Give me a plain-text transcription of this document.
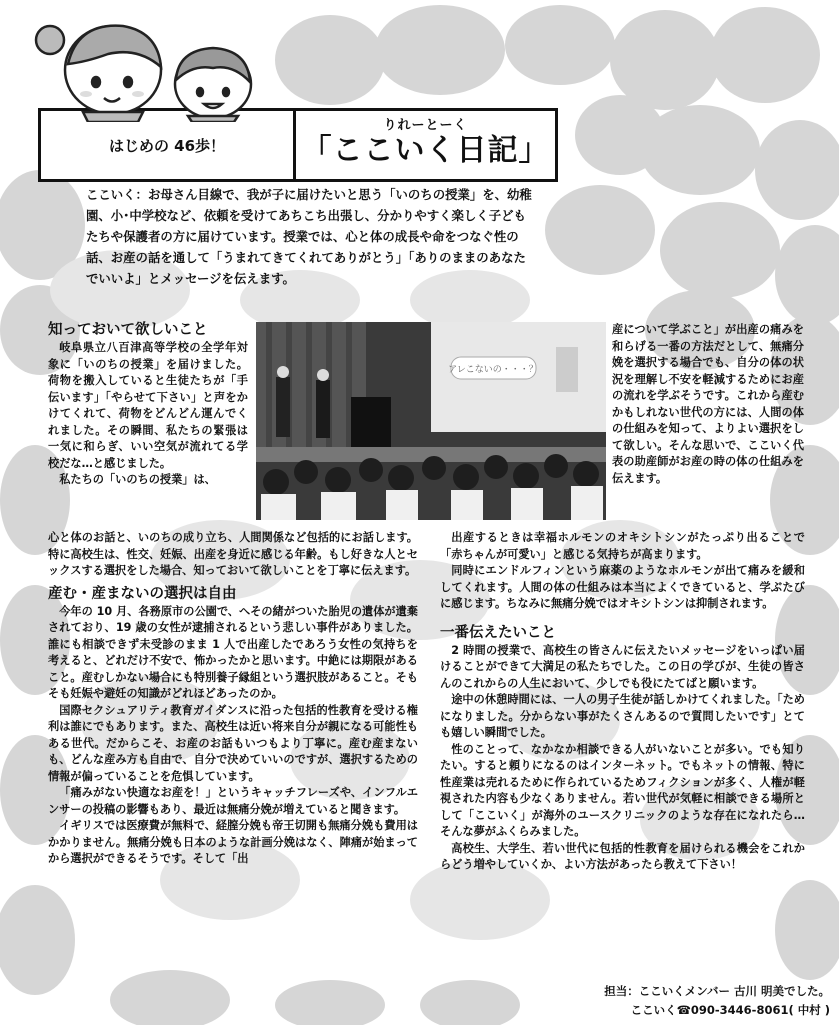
はじめの 46歩！
りれーとーく
「ここいく日記」
ここいく：お母さん目線で、我が子に届けたいと思う「いのちの授業」を、幼稚園、小･中学校など、依頼を受けてあちこち出張し、分かりやすく楽しく子どもたちや保護者の方に届けています。授業では、心と体の成長や命をつなぐ性の話、お産の話を通して「うまれてきてくれてありがとう」「ありのままのあなたでいいよ」とメッセージを伝えます。
知っておいて欲しいこと

岐阜県立八百津高等学校の全学年対象に「いのちの授業」を届けました。荷物を搬入していると生徒たちが「手伝います」「やらせて下さい」と声をかけてくれて、荷物をどんどん運んでくれました。その瞬間、私たちの緊張は一気に和らぎ、いい空気が流れてる学校だな…と感じました。

私たちの「いのちの授業」は、

心と体のお話と、いのちの成り立ち、人間関係など包括的にお話します。特に高校生は、性交、妊娠、出産を身近に感じる年齢。もし好きな人とセックスする選択をした場合、知っておいて欲しいことを丁寧に伝えます。

産む・産まないの選択は自由

今年の 10 月、各務原市の公園で、へその緒がついた胎児の遺体が遺棄されており、19 歳の女性が逮捕されるという悲しい事件がありました。誰にも相談できず未受診のまま 1 人で出産したであろう女性の気持ちを考えると、どれだけ不安で、怖かったかと思います。中絶には期限があること。産むしかない場合にも特別養子縁組という選択肢があること。そもそも妊娠や避妊の知識がどれほどあったのか。

国際セクシュアリティ教育ガイダンスに沿った包括的性教育を受ける権利は誰にでもあります。また、高校生は近い将来自分が親になる可能性もある世代。だからこそ、お産のお話もいつもより丁寧に。産む産まないも、どんな産み方も自由で、自分で決めていいのですが、選択するための情報が偏っていることを危惧しています。

「痛みがない快適なお産を！」というキャッチフレーズや、インフルエンサーの投稿の影響もあり、最近は無痛分娩が増えていると聞きます。

イギリスでは医療費が無料で、経膣分娩も帝王切開も無痛分娩も費用はかかりません。無痛分娩も日本のような計画分娩はなく、陣痛が始まってから選択ができるそうです。そして「出

アレこないの・・・？

産について学ぶこと」が出産の痛みを和らげる一番の方法だとして、無痛分娩を選択する場合でも、自分の体の状況を理解し不安を軽減するためにお産の流れを学ぶそうです。これから産むかもしれない世代の方には、人間の体の仕組みを知って、よりよい選択をして欲しい。そんな思いで、ここいく代表の助産師がお産の時の体の仕組みを伝えます。

出産するときは幸福ホルモンのオキシトシンがたっぷり出ることで「赤ちゃんが可愛い」と感じる気持ちが高まります。

同時にエンドルフィンという麻薬のようなホルモンが出て痛みを緩和してくれます。人間の体の仕組みは本当によくできていると、学ぶたびに感じます。ちなみに無痛分娩ではオキシトシンは抑制されます。

一番伝えたいこと

2 時間の授業で、高校生の皆さんに伝えたいメッセージをいっぱい届けることができて大満足の私たちでした。この日の学びが、生徒の皆さんのこれからの人生において、少しでも役にたてばと願います。

途中の休憩時間には、一人の男子生徒が話しかけてくれました。「ためになりました。分からない事がたくさんあるので質問したいです」とても嬉しい瞬間でした。

性のことって、なかなか相談できる人がいないことが多い。でも知りたい。すると頼りになるのはインターネット。でもネットの情報、特に性産業は売れるために作られているためフィクションが多く、人権が軽視された内容も少なくありません。若い世代が気軽に相談できる場所として「ここいく」が海外のユースクリニックのような存在になれたら…そんな夢がふくらみました。

高校生、大学生、若い世代に包括的性教育を届けられる機会をこれからどう増やしていくか、よい方法があったら教えて下さい！

担当：ここいくメンバー 古川 明美でした。
ここいく☎090-3446-8061( 中村 )
